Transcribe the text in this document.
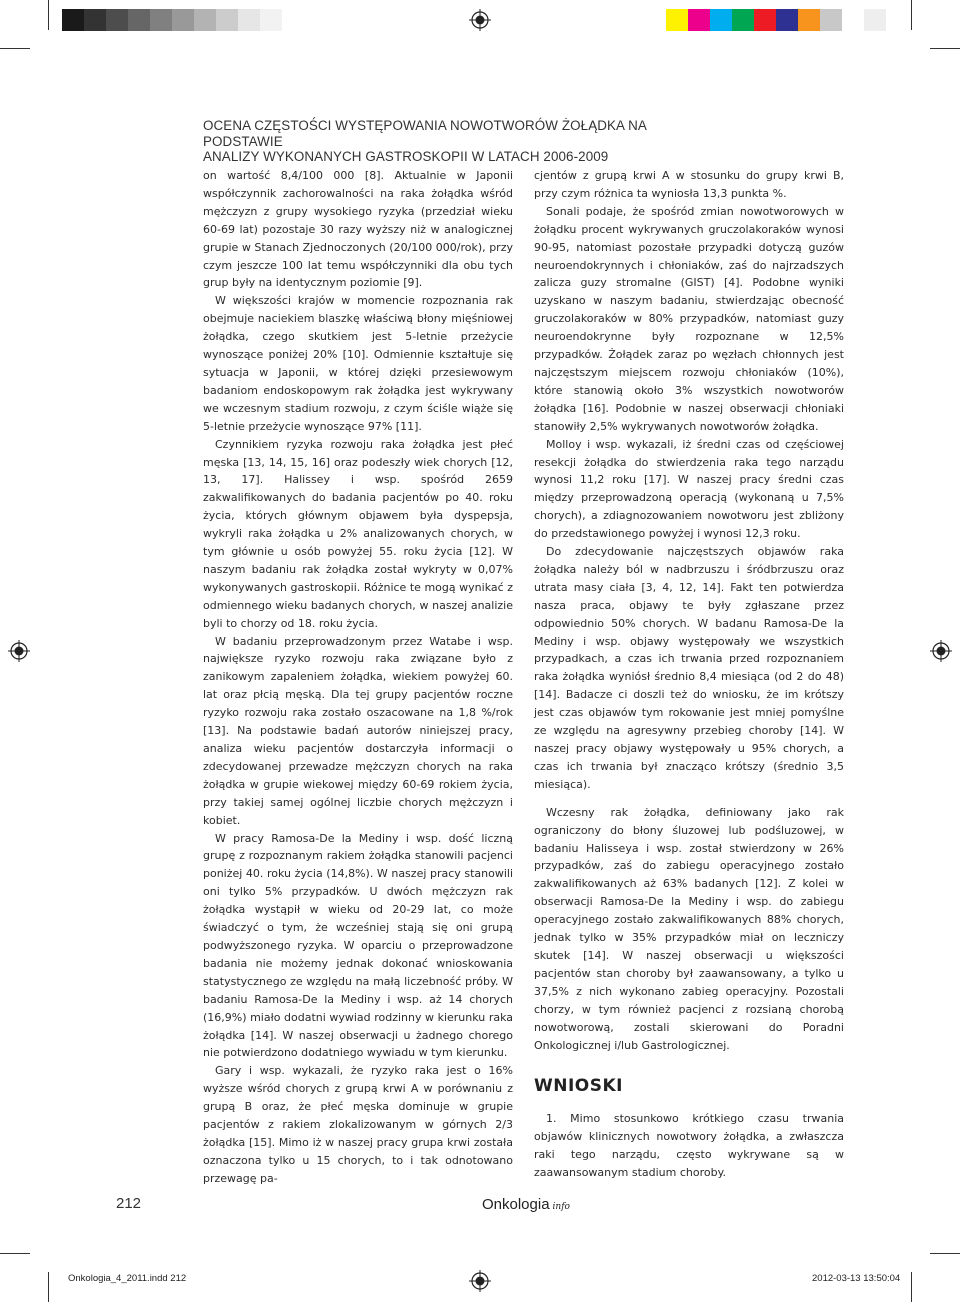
OCENA CZĘSTOŚCI WYSTĘPOWANIA NOWOTWORÓW ŻOŁĄDKA NA PODSTAWIE
ANALIZY WYKONANYCH GASTROSKOPII W LATACH 2006-2009

on wartość 8,4/100 000 [8]. Aktualnie w Japonii współczynnik zachorowalności na raka żołądka wśród mężczyzn z grupy wysokiego ryzyka (przedział wieku 60-69 lat) pozostaje 30 razy wyższy niż w analogicznej grupie w Stanach Zjednoczonych (20/100 000/rok), przy czym jeszcze 100 lat temu współczynniki dla obu tych grup były na identycznym poziomie [9].

W większości krajów w momencie rozpoznania rak obejmuje naciekiem blaszkę właściwą błony mięśniowej żołądka, czego skutkiem jest 5-letnie przeżycie wynoszące poniżej 20% [10]. Odmiennie kształtuje się sytuacja w Japonii, w której dzięki przesiewowym badaniom endoskopowym rak żołądka jest wykrywany we wczesnym stadium rozwoju, z czym ściśle wiąże się 5-letnie przeżycie wynoszące 97% [11].

Czynnikiem ryzyka rozwoju raka żołądka jest płeć męska [13, 14, 15, 16] oraz podeszły wiek chorych [12, 13, 17]. Halissey i wsp. spośród 2659 zakwalifikowanych do badania pacjentów po 40. roku życia, których głównym objawem była dyspepsja, wykryli raka żołądka u 2% analizowanych chorych, w tym głównie u osób powyżej 55. roku życia [12]. W naszym badaniu rak żołądka został wykryty w 0,07% wykonywanych gastroskopii. Różnice te mogą wynikać z odmiennego wieku badanych chorych, w naszej analizie byli to chorzy od 18. roku życia.

W badaniu przeprowadzonym przez Watabe i wsp. największe ryzyko rozwoju raka związane było z zanikowym zapaleniem żołądka, wiekiem powyżej 60. lat oraz płcią męską. Dla tej grupy pacjentów roczne ryzyko rozwoju raka zostało oszacowane na 1,8 %/rok [13]. Na podstawie badań autorów niniejszej pracy, analiza wieku pacjentów dostarczyła informacji o zdecydowanej przewadze mężczyzn chorych na raka żołądka w grupie wiekowej między 60-69 rokiem życia, przy takiej samej ogólnej liczbie chorych mężczyzn i kobiet.

W pracy Ramosa-De la Mediny i wsp. dość liczną grupę z rozpoznanym rakiem żołądka stanowili pacjenci poniżej 40. roku życia (14,8%). W naszej pracy stanowili oni tylko 5% przypadków. U dwóch mężczyzn rak żołądka wystąpił w wieku od 20-29 lat, co może świadczyć o tym, że wcześniej stają się oni grupą podwyższonego ryzyka. W oparciu o przeprowadzone badania nie możemy jednak dokonać wnioskowania statystycznego ze względu na małą liczebność próby. W badaniu Ramosa-De la Mediny i wsp. aż 14 chorych (16,9%) miało dodatni wywiad rodzinny w kierunku raka żołądka [14]. W naszej obserwacji u żadnego chorego nie potwierdzono dodatniego wywiadu w tym kierunku.

Gary i wsp. wykazali, że ryzyko raka jest o 16% wyższe wśród chorych z grupą krwi A w porównaniu z grupą B oraz, że płeć męska dominuje w grupie pacjentów z rakiem zlokalizowanym w górnych 2/3 żołądka [15]. Mimo iż w naszej pracy grupa krwi została oznaczona tylko u 15 chorych, to i tak odnotowano przewagę pa-

cjentów z grupą krwi A w stosunku do grupy krwi B, przy czym różnica ta wyniosła 13,3 punkta %.

Sonali podaje, że spośród zmian nowotworowych w żołądku procent wykrywanych gruczolakoraków wynosi 90-95, natomiast pozostałe przypadki dotyczą guzów neuroendokrynnych i chłoniaków, zaś do najrzadszych zalicza guzy stromalne (GIST) [4]. Podobne wyniki uzyskano w naszym badaniu, stwierdzając obecność gruczolakoraków w 80% przypadków, natomiast guzy neuroendokrynne były rozpoznane w 12,5% przypadków. Żołądek zaraz po węzłach chłonnych jest najczęstszym miejscem rozwoju chłoniaków (10%), które stanowią około 3% wszystkich nowotworów żołądka [16]. Podobnie w naszej obserwacji chłoniaki stanowiły 2,5% wykrywanych nowotworów żołądka.

Molloy i wsp. wykazali, iż średni czas od częściowej resekcji żołądka do stwierdzenia raka tego narządu wynosi 11,2 roku [17]. W naszej pracy średni czas między przeprowadzoną operacją (wykonaną u 7,5% chorych), a zdiagnozowaniem nowotworu jest zbliżony do przedstawionego powyżej i wynosi 12,3 roku.

Do zdecydowanie najczęstszych objawów raka żołądka należy ból w nadbrzuszu i śródbrzuszu oraz utrata masy ciała [3, 4, 12, 14]. Fakt ten potwierdza nasza praca, objawy te były zgłaszane przez odpowiednio 50% chorych. W badanu Ramosa-De la Mediny i wsp. objawy występowały we wszystkich przypadkach, a czas ich trwania przed rozpoznaniem raka żołądka wyniósł średnio 8,4 miesiąca (od 2 do 48) [14]. Badacze ci doszli też do wniosku, że im krótszy jest czas objawów tym rokowanie jest mniej pomyślne ze względu na agresywny przebieg choroby [14]. W naszej pracy objawy występowały u 95% chorych, a czas ich trwania był znacząco krótszy (średnio 3,5 miesiąca).

Wczesny rak żołądka, definiowany jako rak ograniczony do błony śluzowej lub podśluzowej, w badaniu Halisseya i wsp. został stwierdzony w 26% przypadków, zaś do zabiegu operacyjnego zostało zakwalifikowanych aż 63% badanych [12]. Z kolei w obserwacji Ramosa-De la Mediny i wsp. do zabiegu operacyjnego zostało zakwalifikowanych 88% chorych, jednak tylko w 35% przypadków miał on leczniczy skutek [14]. W naszej obserwacji u większości pacjentów stan choroby był zaawansowany, a tylko u 37,5% z nich wykonano zabieg operacyjny. Pozostali chorzy, w tym również pacjenci z rozsianą chorobą nowotworową, zostali skierowani do Poradni Onkologicznej i/lub Gastrologicznej.

WNIOSKI

1. Mimo stosunkowo krótkiego czasu trwania objawów klinicznych nowotwory żołądka, a zwłaszcza raki tego narządu, często wykrywane są w zaawansowanym stadium choroby.

212	Onkologia info
Onkologia_4_2011.indd 212	2012-03-13 13:50:04
